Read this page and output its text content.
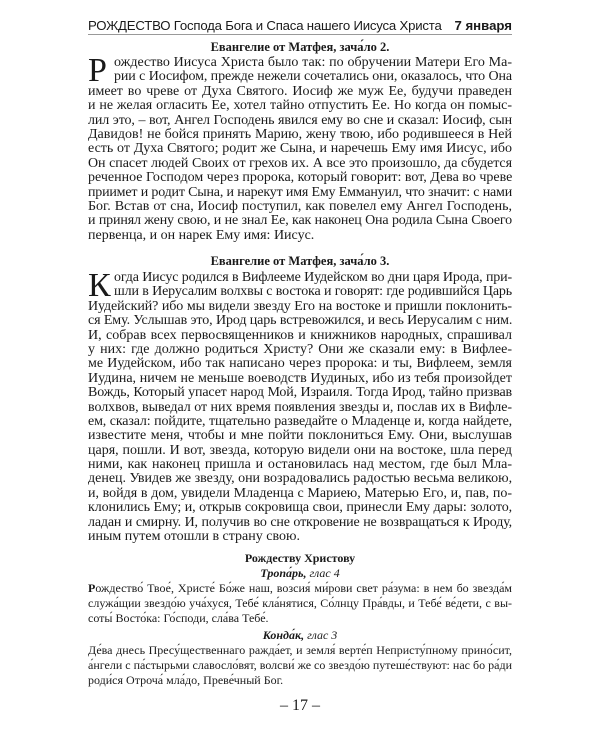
РОЖДЕСТВО Господа Бога и Спаса нашего Иисуса Христа 7 января
Евангелие от Матфея, зача́ло 2.
Р ождество Иисуса Христа было так: по обручении Матери Его Ма-
рии с Иосифом, прежде нежели сочетались они, оказалось, что Она
имеет во чреве от Духа Святого. Иосиф же муж Ее, будучи праведен
и не желая огласить Ее, хотел тайно отпустить Ее. Но когда он помыс-
лил это, – вот, Ангел Господень явился ему во сне и сказал: Иосиф, сын
Давидов! не бойся принять Марию, жену твою, ибо родившееся в Ней
есть от Духа Святого; родит же Сына, и наречешь Ему имя Иисус, ибо
Он спасет людей Своих от грехов их. А все это произошло, да сбудется
реченное Господом через пророка, который говорит: вот, Дева во чреве
приимет и родит Сына, и нарекут имя Ему Еммануил, что значит: с нами
Бог. Встав от сна, Иосиф поступил, как повелел ему Ангел Господень,
и принял жену свою, и не знал Ее, как наконец Она родила Сына Своего
первенца, и он нарек Ему имя: Иисус.
Евангелие от Матфея, зача́ло 3.
К огда Иисус родился в Вифлееме Иудейском во дни царя Ирода, при-
шли в Иерусалим волхвы с востока и говорят: где родившийся Царь
Иудейский? ибо мы видели звезду Его на востоке и пришли поклонить-
ся Ему. Услышав это, Ирод царь встревожился, и весь Иерусалим с ним.
И, собрав всех первосвященников и книжников народных, спрашивал
у них: где должно родиться Христу? Они же сказали ему: в Вифлее-
ме Иудейском, ибо так написано через пророка: и ты, Вифлеем, земля
Иудина, ничем не меньше воеводств Иудиных, ибо из тебя произойдет
Вождь, Который упасет народ Мой, Израиля. Тогда Ирод, тайно призвав
волхвов, выведал от них время появления звезды и, послав их в Вифле-
ем, сказал: пойдите, тщательно разведайте о Младенце и, когда найдете,
известите меня, чтобы и мне пойти поклониться Ему. Они, выслушав
царя, пошли. И вот, звезда, которую видели они на востоке, шла перед
ними, как наконец пришла и остановилась над местом, где был Мла-
денец. Увидев же звезду, они возрадовались радостью весьма великою,
и, войдя в дом, увидели Младенца с Мариею, Матерью Его, и, пав, по-
клонились Ему; и, открыв сокровища свои, принесли Ему дары: золото,
ладан и смирну. И, получив во сне откровение не возвращаться к Ироду,
иным путем отошли в страну свою.
Рождеству Христову
Тропа́рь, глас 4
Рождество́ Твое́, Христе́ Бо́же наш, возсия́ ми́рови свет ра́зума: в нем бо звезда́м
служа́щии звездо́ю уча́хуся, Тебе́ кла́нятися, Со́лнцу Пра́вды, и Тебе́ ве́дети, с вы-
соты́ Восто́ка: Го́споди, сла́ва Тебе́.
Конда́к, глас 3
Де́ва днесь Пресу́щественнаго ражда́ет, и земля́ верте́п Непристу́пному прино́сит,
а́нгели с па́стырьми славосло́вят, волсви́ же со звездо́ю путеше́ствуют: нас бо ра́ди
роди́ся Отроча́ мла́до, Преве́чный Бог.
– 17 –
